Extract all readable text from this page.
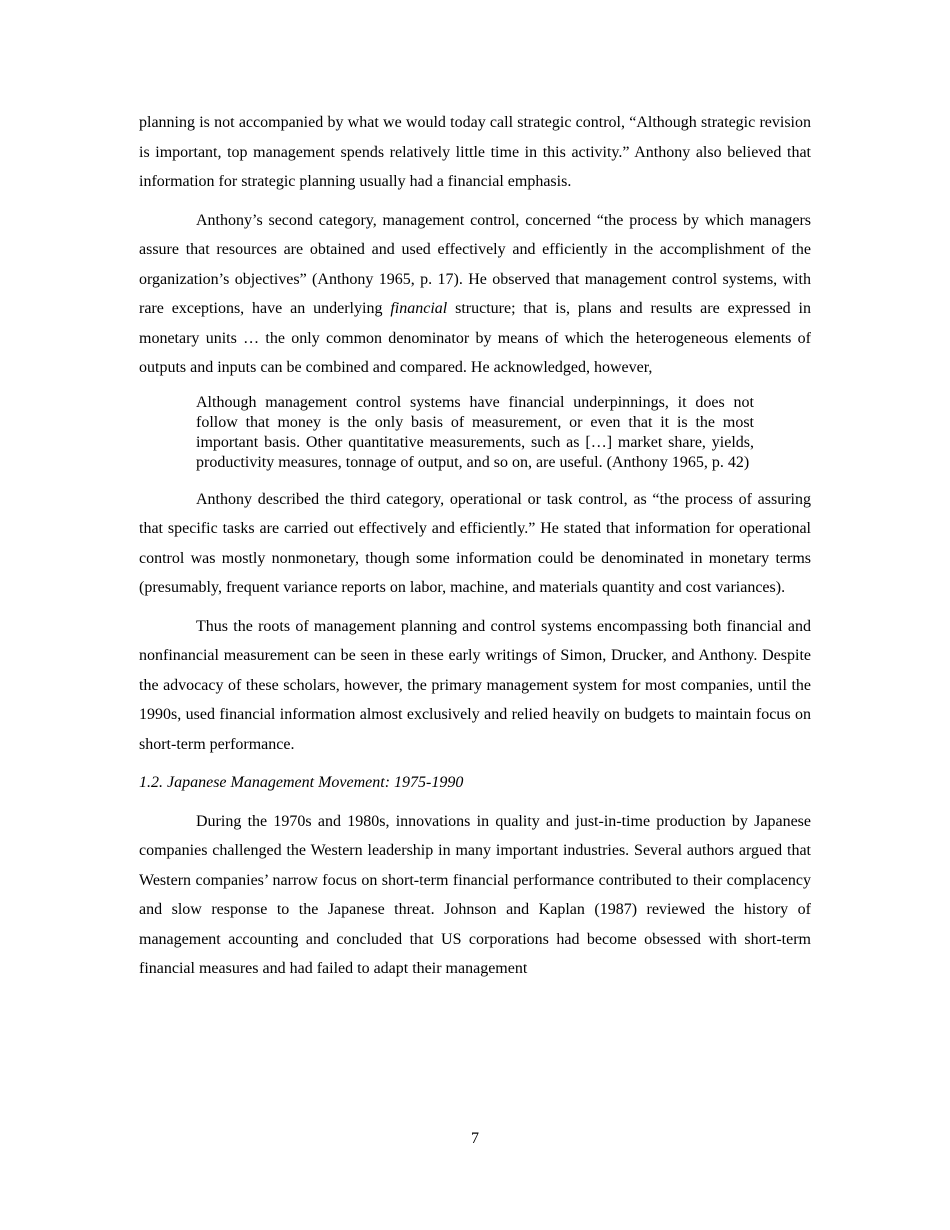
planning is not accompanied by what we would today call strategic control, “Although strategic revision is important, top management spends relatively little time in this activity.” Anthony also believed that information for strategic planning usually had a financial emphasis.

Anthony’s second category, management control, concerned “the process by which managers assure that resources are obtained and used effectively and efficiently in the accomplishment of the organization’s objectives” (Anthony 1965, p. 17). He observed that management control systems, with rare exceptions, have an underlying financial structure; that is, plans and results are expressed in monetary units … the only common denominator by means of which the heterogeneous elements of outputs and inputs can be combined and compared. He acknowledged, however,

Although management control systems have financial underpinnings, it does not follow that money is the only basis of measurement, or even that it is the most important basis. Other quantitative measurements, such as […] market share, yields, productivity measures, tonnage of output, and so on, are useful. (Anthony 1965, p. 42)

Anthony described the third category, operational or task control, as “the process of assuring that specific tasks are carried out effectively and efficiently.” He stated that information for operational control was mostly nonmonetary, though some information could be denominated in monetary terms (presumably, frequent variance reports on labor, machine, and materials quantity and cost variances).

Thus the roots of management planning and control systems encompassing both financial and nonfinancial measurement can be seen in these early writings of Simon, Drucker, and Anthony. Despite the advocacy of these scholars, however, the primary management system for most companies, until the 1990s, used financial information almost exclusively and relied heavily on budgets to maintain focus on short-term performance.

1.2. Japanese Management Movement: 1975-1990

During the 1970s and 1980s, innovations in quality and just-in-time production by Japanese companies challenged the Western leadership in many important industries. Several authors argued that Western companies’ narrow focus on short-term financial performance contributed to their complacency and slow response to the Japanese threat. Johnson and Kaplan (1987) reviewed the history of management accounting and concluded that US corporations had become obsessed with short-term financial measures and had failed to adapt their management

7
